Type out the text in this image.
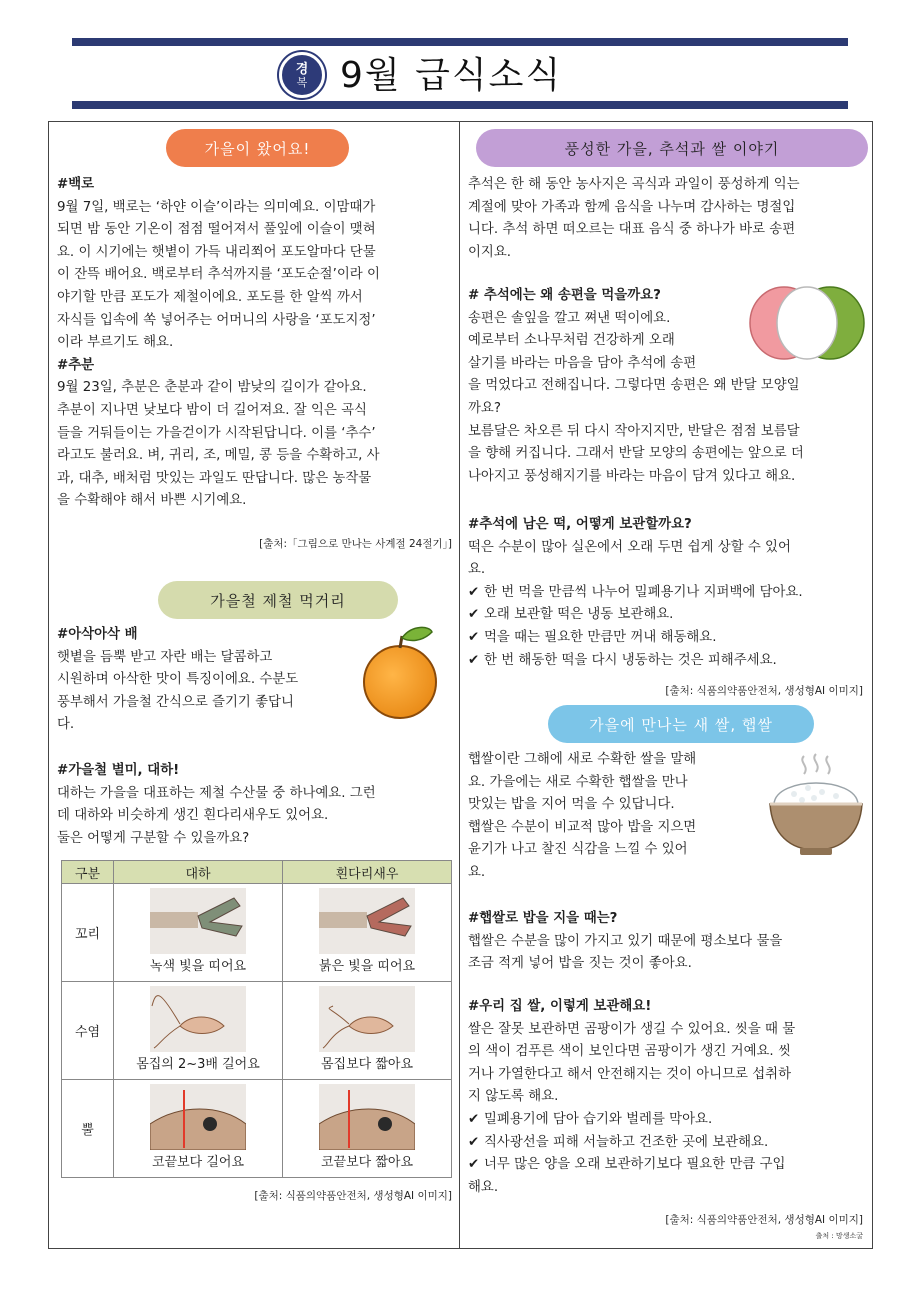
경
복 9월 급식소식
가을이 왔어요!

#백로

9월 7일, 백로는 ‘하얀 이슬’이라는 의미예요. 이맘때가

되면 밤 동안 기온이 점점 떨어져서 풀잎에 이슬이 맺혀

요. 이 시기에는 햇볕이 가득 내리쬐어 포도알마다 단물

이 잔뜩 배어요. 백로부터 추석까지를 ‘포도순절’이라 이

야기할 만큼 포도가 제철이에요. 포도를 한 알씩 까서

자식들 입속에 쏙 넣어주는 어머니의 사랑을 ‘포도지정’

이라 부르기도 해요.

#추분

9월 23일, 추분은 춘분과 같이 밤낮의 길이가 같아요.

추분이 지나면 낮보다 밤이 더 길어져요. 잘 익은 곡식

들을 거둬들이는 가을걷이가 시작된답니다. 이를 ‘추수’

라고도 불러요. 벼, 귀리, 조, 메밀, 콩 등을 수확하고, 사

과, 대추, 배처럼 맛있는 과일도 딴답니다. 많은 농작물

을 수확해야 해서 바쁜 시기예요.

[출처:「그림으로 만나는 사계절 24절기」]
가을철 제철 먹거리

#아삭아삭 배

햇볕을 듬뿍 받고 자란 배는 달콤하고

시원하며 아삭한 맛이 특징이에요. 수분도

풍부해서 가을철 간식으로 즐기기 좋답니

다.

#가을철 별미, 대하!

대하는 가을을 대표하는 제철 수산물 중 하나예요. 그런

데 대하와 비슷하게 생긴 흰다리새우도 있어요.

둘은 어떻게 구분할 수 있을까요?

구분	대하	흰다리새우
꼬리	녹색 빛을 띠어요	붉은 빛을 띠어요

수염	몸집의 2~3배 길어요	몸집보다 짧아요

뿔	코끝보다 길어요	코끝보다 짧아요
[출처: 식품의약품안전처, 생성형AI 이미지]
풍성한 가을, 추석과 쌀 이야기

추석은 한 해 동안 농사지은 곡식과 과일이 풍성하게 익는

계절에 맞아 가족과 함께 음식을 나누며 감사하는 명절입

니다. 추석 하면 떠오르는 대표 음식 중 하나가 바로 송편

이지요.

# 추석에는 왜 송편을 먹을까요?

송편은 솔잎을 깔고 쪄낸 떡이에요.

예로부터 소나무처럼 건강하게 오래

살기를 바라는 마음을 담아 추석에 송편

을 먹었다고 전해집니다. 그렇다면 송편은 왜 반달 모양일

까요?

보름달은 차오른 뒤 다시 작아지지만, 반달은 점점 보름달

을 향해 커집니다. 그래서 반달 모양의 송편에는 앞으로 더

나아지고 풍성해지기를 바라는 마음이 담겨 있다고 해요.

#추석에 남은 떡, 어떻게 보관할까요?

떡은 수분이 많아 실온에서 오래 두면 쉽게 상할 수 있어

요.

✔ 한 번 먹을 만큼씩 나누어 밀폐용기나 지퍼백에 담아요.

✔ 오래 보관할 떡은 냉동 보관해요.

✔ 먹을 때는 필요한 만큼만 꺼내 해동해요.

✔ 한 번 해동한 떡을 다시 냉동하는 것은 피해주세요.

[출처: 식품의약품안전처, 생성형AI 이미지]
가을에 만나는 새 쌀, 햅쌀

햅쌀이란 그해에 새로 수확한 쌀을 말해

요. 가을에는 새로 수확한 햅쌀을 만나

맛있는 밥을 지어 먹을 수 있답니다.

햅쌀은 수분이 비교적 많아 밥을 지으면

윤기가 나고 찰진 식감을 느낄 수 있어

요.

#햅쌀로 밥을 지을 때는?

햅쌀은 수분을 많이 가지고 있기 때문에 평소보다 물을

조금 적게 넣어 밥을 짓는 것이 좋아요.

#우리 집 쌀, 이렇게 보관해요!

쌀은 잘못 보관하면 곰팡이가 생길 수 있어요. 씻을 때 물

의 색이 검푸른 색이 보인다면 곰팡이가 생긴 거예요. 씻

거나 가열한다고 해서 안전해지는 것이 아니므로 섭취하

지 않도록 해요.

✔ 밀폐용기에 담아 습기와 벌레를 막아요.

✔ 직사광선을 피해 서늘하고 건조한 곳에 보관해요.

✔ 너무 많은 양을 오래 보관하기보다 필요한 만큼 구입

해요.

[출처: 식품의약품안전처, 생성형AI 이미지]
출처 : 망생소굴
